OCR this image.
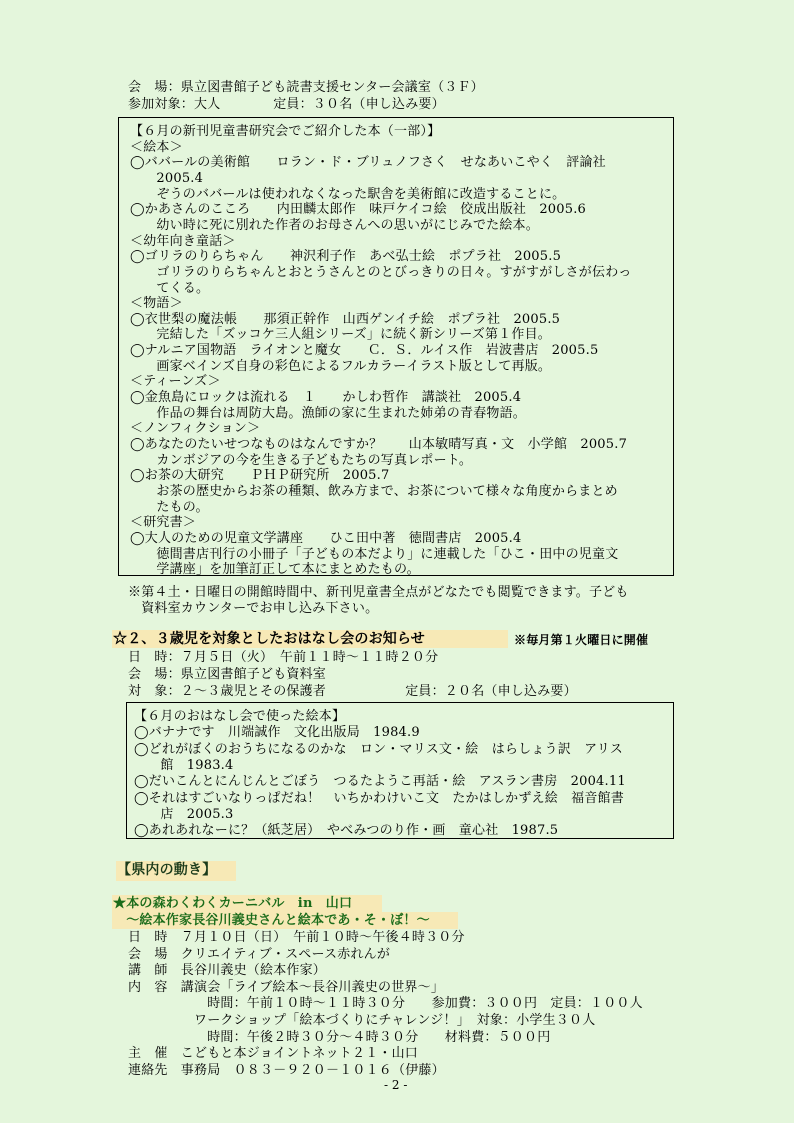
会　場：県立図書館子ども読書支援センター会議室（３Ｆ）
参加対象：大人　　　　定員：３０名（申し込み要）
【６月の新刊児童書研究会でご紹介した本（一部）】
＜絵本＞
◯ババールの美術館　　ロラン・ド・ブリュノフさく　せなあいこやく　評論社
　　2005.4
　　ぞうのババールは使われなくなった駅舎を美術館に改造することに。
◯かあさんのこころ　　内田麟太郎作　味戸ケイコ絵　佼成出版社　2005.6
　　幼い時に死に別れた作者のお母さんへの思いがにじみでた絵本。
＜幼年向き童話＞
◯ゴリラのりらちゃん　　神沢利子作　あべ弘士絵　ポプラ社　2005.5
　　ゴリラのりらちゃんとおとうさんとのとびっきりの日々。すがすがしさが伝わっ
　　てくる。
＜物語＞
◯衣世梨の魔法帳　　那須正幹作　山西ゲンイチ絵　ポプラ社　2005.5
　　完結した「ズッコケ三人組シリーズ」に続く新シリーズ第１作目。
◯ナルニア国物語　ライオンと魔女　　Ｃ．Ｓ．ルイス作　岩波書店　2005.5
　　画家ベインズ自身の彩色によるフルカラーイラスト版として再版。
＜ティーンズ＞
◯金魚島にロックは流れる　１　　かしわ哲作　講談社　2005.4
　　作品の舞台は周防大島。漁師の家に生まれた姉弟の青春物語。
＜ノンフィクション＞
◯あなたのたいせつなものはなんですか？　　山本敏晴写真・文　小学館　2005.7
　　カンボジアの今を生きる子どもたちの写真レポート。
◯お茶の大研究　　ＰＨＰ研究所　2005.7
　　お茶の歴史からお茶の種類、飲み方まで、お茶について様々な角度からまとめ
　　たもの。
＜研究書＞
◯大人のための児童文学講座　　ひこ田中著　徳間書店　2005.4
　　徳間書店刊行の小冊子「子どもの本だより」に連載した「ひこ・田中の児童文
　　学講座」を加筆訂正して本にまとめたもの。
※第４土・日曜日の開館時間中、新刊児童書全点がどなたでも閲覧できます。子ども
　資料室カウンターでお申し込み下さい。
☆２、３歳児を対象としたおはなし会のお知らせ	※毎月第１火曜日に開催
日　時：７月５日（火）　午前１１時～１１時２０分
会　場：県立図書館子ども資料室
対　象：２～３歳児とその保護者　　　　　　定員：２０名（申し込み要）
【６月のおはなし会で使った絵本】
◯バナナです　川端誠作　文化出版局　1984.9
◯どれがぼくのおうちになるのかな　ロン・マリス文・絵　はらしょう訳　アリス
　　館　1983.4
◯だいこんとにんじんとごぼう　つるたようこ再話・絵　アスラン書房　2004.11
◯それはすごいなりっぱだね！　いちかわけいこ文　たかはしかずえ絵　福音館書
　　店　2005.3
◯あれあれなーに？（紙芝居）　やべみつのり作・画　童心社　1987.5
【県内の動き】
★本の森わくわくカーニバル　in　山口
　～絵本作家長谷川義史さんと絵本であ・そ・ぼ！～
日　時　７月１０日（日）　午前１０時～午後４時３０分
会　場　クリエイティブ・スペース赤れんが
講　師　長谷川義史（絵本作家）
内　容　講演会「ライブ絵本～長谷川義史の世界～」
　　　　　　時間：午前１０時～１１時３０分　　参加費：３００円　定員：１００人
　　　　　ワークショップ「絵本づくりにチャレンジ！」　対象：小学生３０人
　　　　　　時間：午後２時３０分～４時３０分　　材料費：５００円
主　催　こどもと本ジョイントネット２１・山口
連絡先　事務局　０８３－９２０－１０１６（伊藤）
- 2 -
